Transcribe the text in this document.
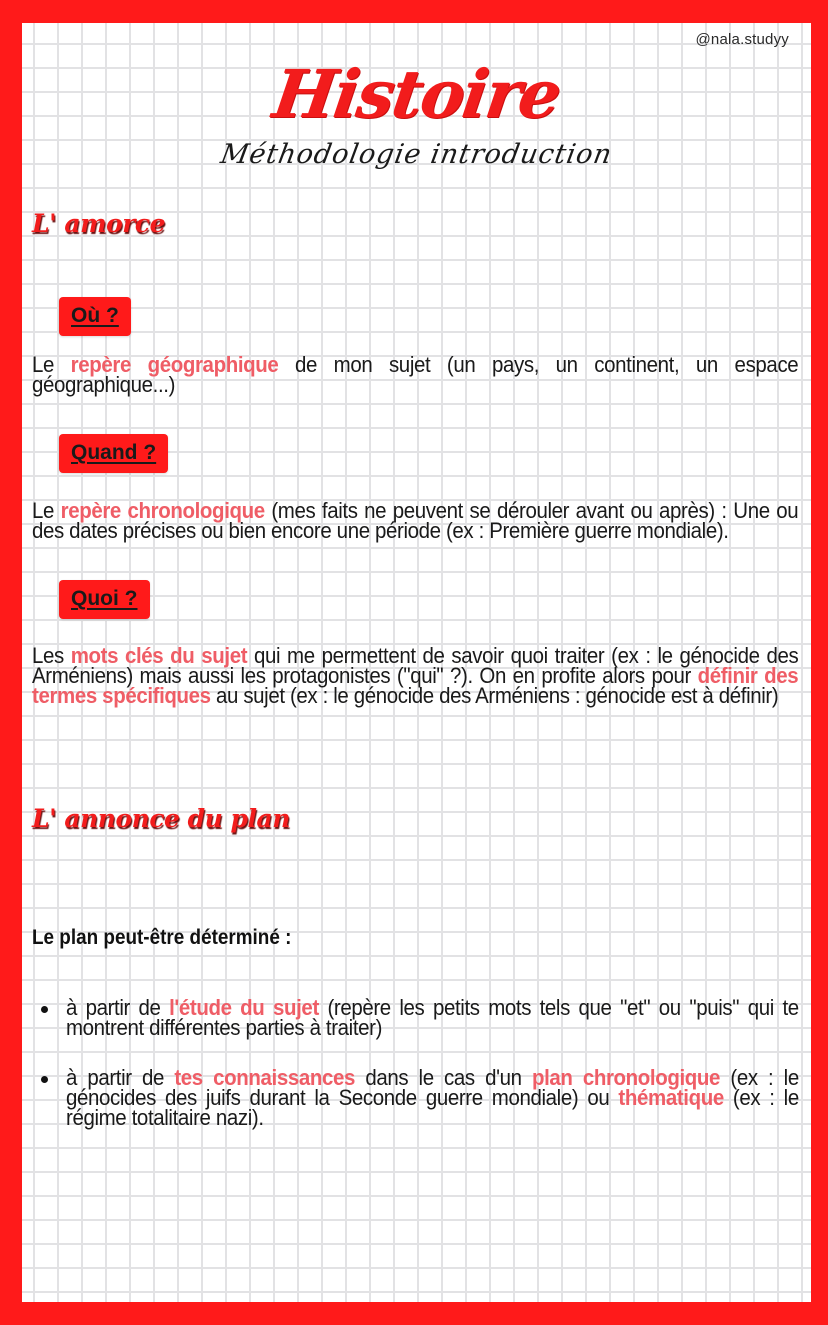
@nala.studyy
Histoire
Méthodologie introduction
L' amorce
Où ?
Le repère géographique de mon sujet (un pays, un continent, un espace géographique...)
Quand ?
Le repère chronologique (mes faits ne peuvent se dérouler avant ou après) : Une ou des dates précises ou bien encore une période (ex : Première guerre mondiale).
Quoi ?
Les mots clés du sujet qui me permettent de savoir quoi traiter (ex : le génocide des Arméniens) mais aussi les protagonistes ("qui" ?). On en profite alors pour définir des termes spécifiques au sujet (ex : le génocide des Arméniens : génocide est à définir)
L' annonce du plan
Le plan peut-être déterminé :
à partir de l'étude du sujet (repère les petits mots tels que "et" ou "puis" qui te montrent différentes parties à traiter)
à partir de tes connaissances dans le cas d'un plan chronologique (ex : le génocides des juifs durant la Seconde guerre mondiale) ou thématique (ex : le régime totalitaire nazi).
